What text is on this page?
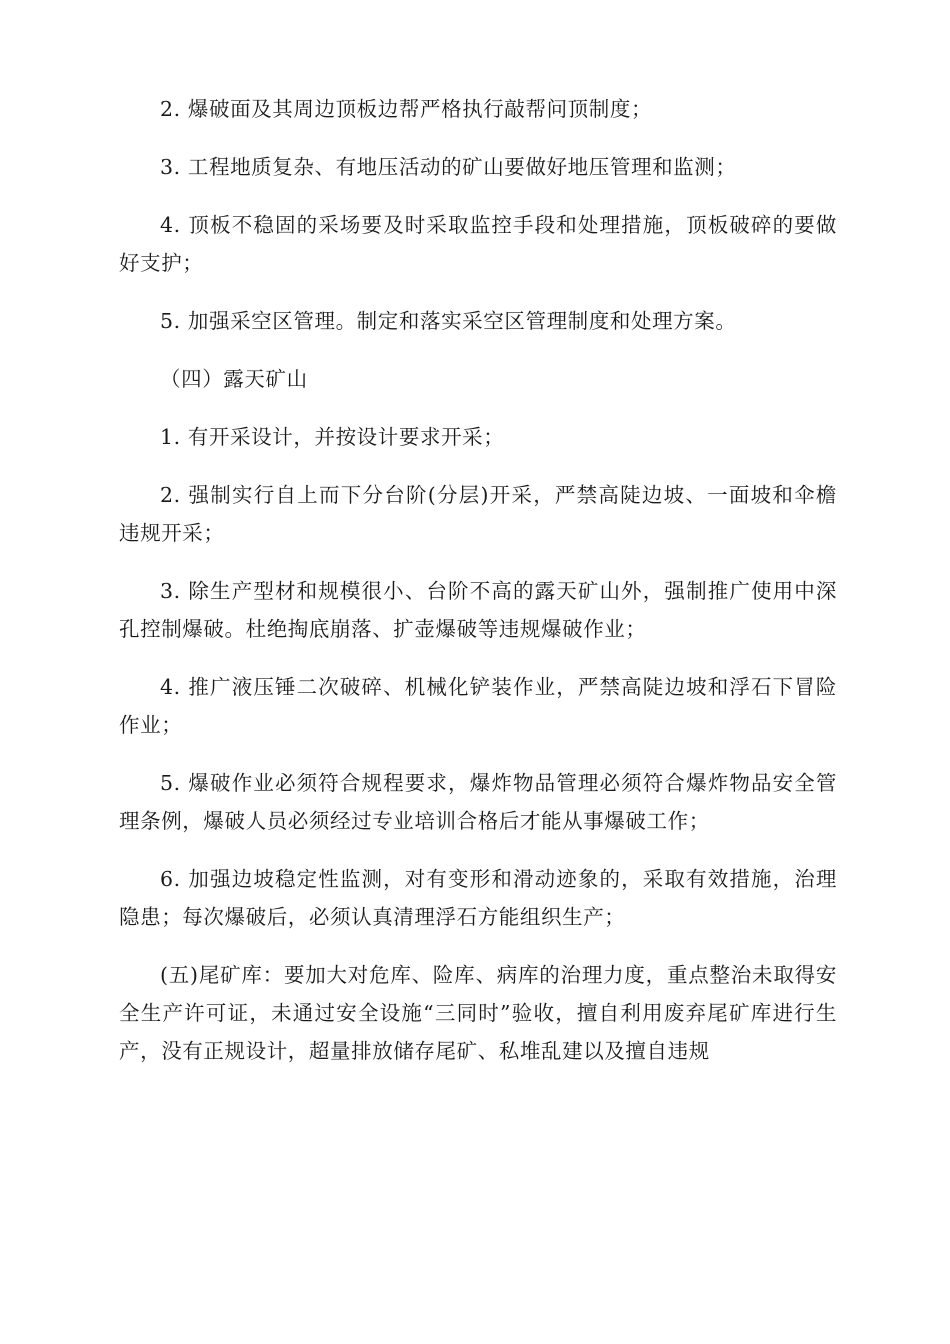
2. 爆破面及其周边顶板边帮严格执行敲帮问顶制度；

3. 工程地质复杂、有地压活动的矿山要做好地压管理和监测；

4. 顶板不稳固的采场要及时采取监控手段和处理措施，顶板破碎的要做好支护；

5. 加强采空区管理。制定和落实采空区管理制度和处理方案。

（四）露天矿山

1. 有开采设计，并按设计要求开采；

2. 强制实行自上而下分台阶(分层)开采，严禁高陡边坡、一面坡和伞檐违规开采；

3. 除生产型材和规模很小、台阶不高的露天矿山外，强制推广使用中深孔控制爆破。杜绝掏底崩落、扩壶爆破等违规爆破作业；

4. 推广液压锤二次破碎、机械化铲装作业，严禁高陡边坡和浮石下冒险作业；

5. 爆破作业必须符合规程要求，爆炸物品管理必须符合爆炸物品安全管理条例，爆破人员必须经过专业培训合格后才能从事爆破工作；

6. 加强边坡稳定性监测，对有变形和滑动迹象的，采取有效措施，治理隐患；每次爆破后，必须认真清理浮石方能组织生产；

(五)尾矿库：要加大对危库、险库、病库的治理力度，重点整治未取得安全生产许可证，未通过安全设施“三同时”验收，擅自利用废弃尾矿库进行生产，没有正规设计，超量排放储存尾矿、私堆乱建以及擅自违规
